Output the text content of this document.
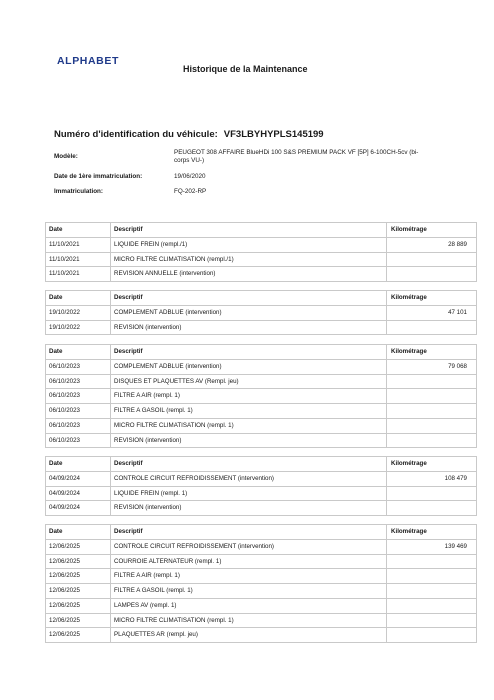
ALPHABET
Historique de la Maintenance
Numéro d'identification du véhicule: VF3LBYHYPLS145199
Modèle:
PEUGEOT 308 AFFAIRE BlueHDi 100 S&S PREMIUM PACK VF [5P] 6-100CH-5cv (bi-corps VU-)
Date de 1ère immatriculation:	19/06/2020
Immatriculation:	FQ-202-RP
Date	Descriptif	Kilométrage
11/10/2021	LIQUIDE FREIN (rempl./1)	28 889
11/10/2021	MICRO FILTRE CLIMATISATION (rempl./1)	
11/10/2021	REVISION ANNUELLE (intervention)	
Date	Descriptif	Kilométrage
19/10/2022	COMPLEMENT ADBLUE (intervention)	47 101
19/10/2022	REVISION (intervention)	
Date	Descriptif	Kilométrage
06/10/2023	COMPLEMENT ADBLUE (intervention)	79 068
06/10/2023	DISQUES ET PLAQUETTES AV (Rempl. jeu)	
06/10/2023	FILTRE A AIR (rempl. 1)	
06/10/2023	FILTRE A GASOIL (rempl. 1)	
06/10/2023	MICRO FILTRE CLIMATISATION (rempl. 1)	
06/10/2023	REVISION (intervention)	
Date	Descriptif	Kilométrage
04/09/2024	CONTROLE CIRCUIT REFROIDISSEMENT (intervention)	108 479
04/09/2024	LIQUIDE FREIN (rempl. 1)	
04/09/2024	REVISION (intervention)	
Date	Descriptif	Kilométrage
12/06/2025	CONTROLE CIRCUIT REFROIDISSEMENT (intervention)	139 469
12/06/2025	COURROIE ALTERNATEUR (rempl. 1)	
12/06/2025	FILTRE A AIR (rempl. 1)	
12/06/2025	FILTRE A GASOIL (rempl. 1)	
12/06/2025	LAMPES AV (rempl. 1)	
12/06/2025	MICRO FILTRE CLIMATISATION (rempl. 1)	
12/06/2025	PLAQUETTES AR (rempl. jeu)	
